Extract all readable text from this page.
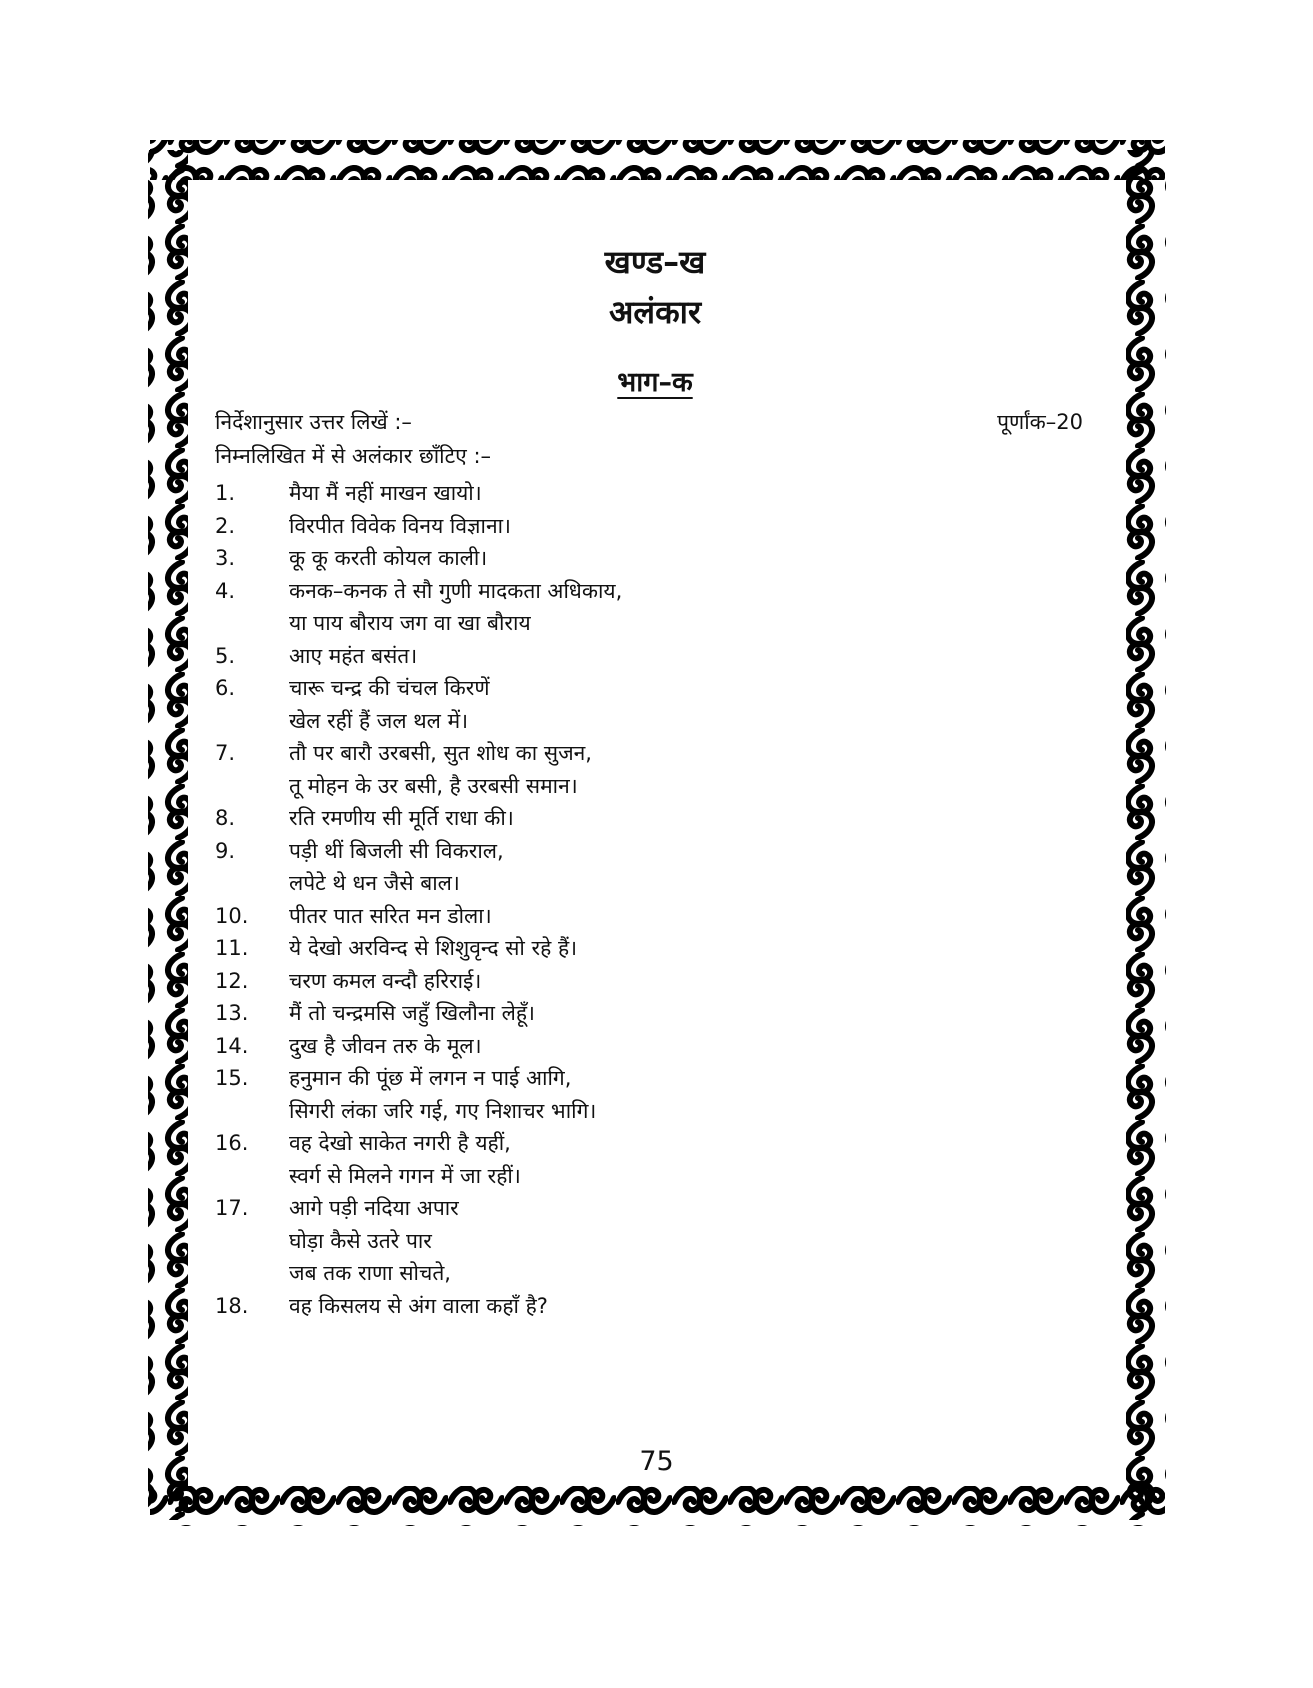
खण्ड–ख
अलंकार
भाग–क
निर्देशानुसार उत्तर लिखें :–	पूर्णांक–20
निम्नलिखित में से अलंकार छाँटिए :–
1.	मैया मैं नहीं माखन खायो।
2.	विरपीत विवेक विनय विज्ञाना।
3.	कू कू करती कोयल काली।
4.	कनक–कनक ते सौ गुणी मादकता अधिकाय,
या पाय बौराय जग वा खा बौराय
5.	आए महंत बसंत।
6.	चारू चन्द्र की चंचल किरणें
खेल रहीं हैं जल थल में।
7.	तौ पर बारौ उरबसी, सुत शोध का सुजन,
तू मोहन के उर बसी, है उरबसी समान।
8.	रति रमणीय सी मूर्ति राधा की।
9.	पड़ी थीं बिजली सी विकराल,
लपेटे थे धन जैसे बाल।
10.	पीतर पात सरित मन डोला।
11.	ये देखो अरविन्द से शिशुवृन्द सो रहे हैं।
12.	चरण कमल वन्दौ हरिराई।
13.	मैं तो चन्द्रमसि जहुँ खिलौना लेहूँ।
14.	दुख है जीवन तरु के मूल।
15.	हनुमान की पूंछ में लगन न पाई आगि,
सिगरी लंका जरि गई, गए निशाचर भागि।
16.	वह देखो साकेत नगरी है यहीं,
स्वर्ग से मिलने गगन में जा रहीं।
17.	आगे पड़ी नदिया अपार
घोड़ा कैसे उतरे पार
जब तक राणा सोचते,
18.	वह किसलय से अंग वाला कहाँ है?
75
